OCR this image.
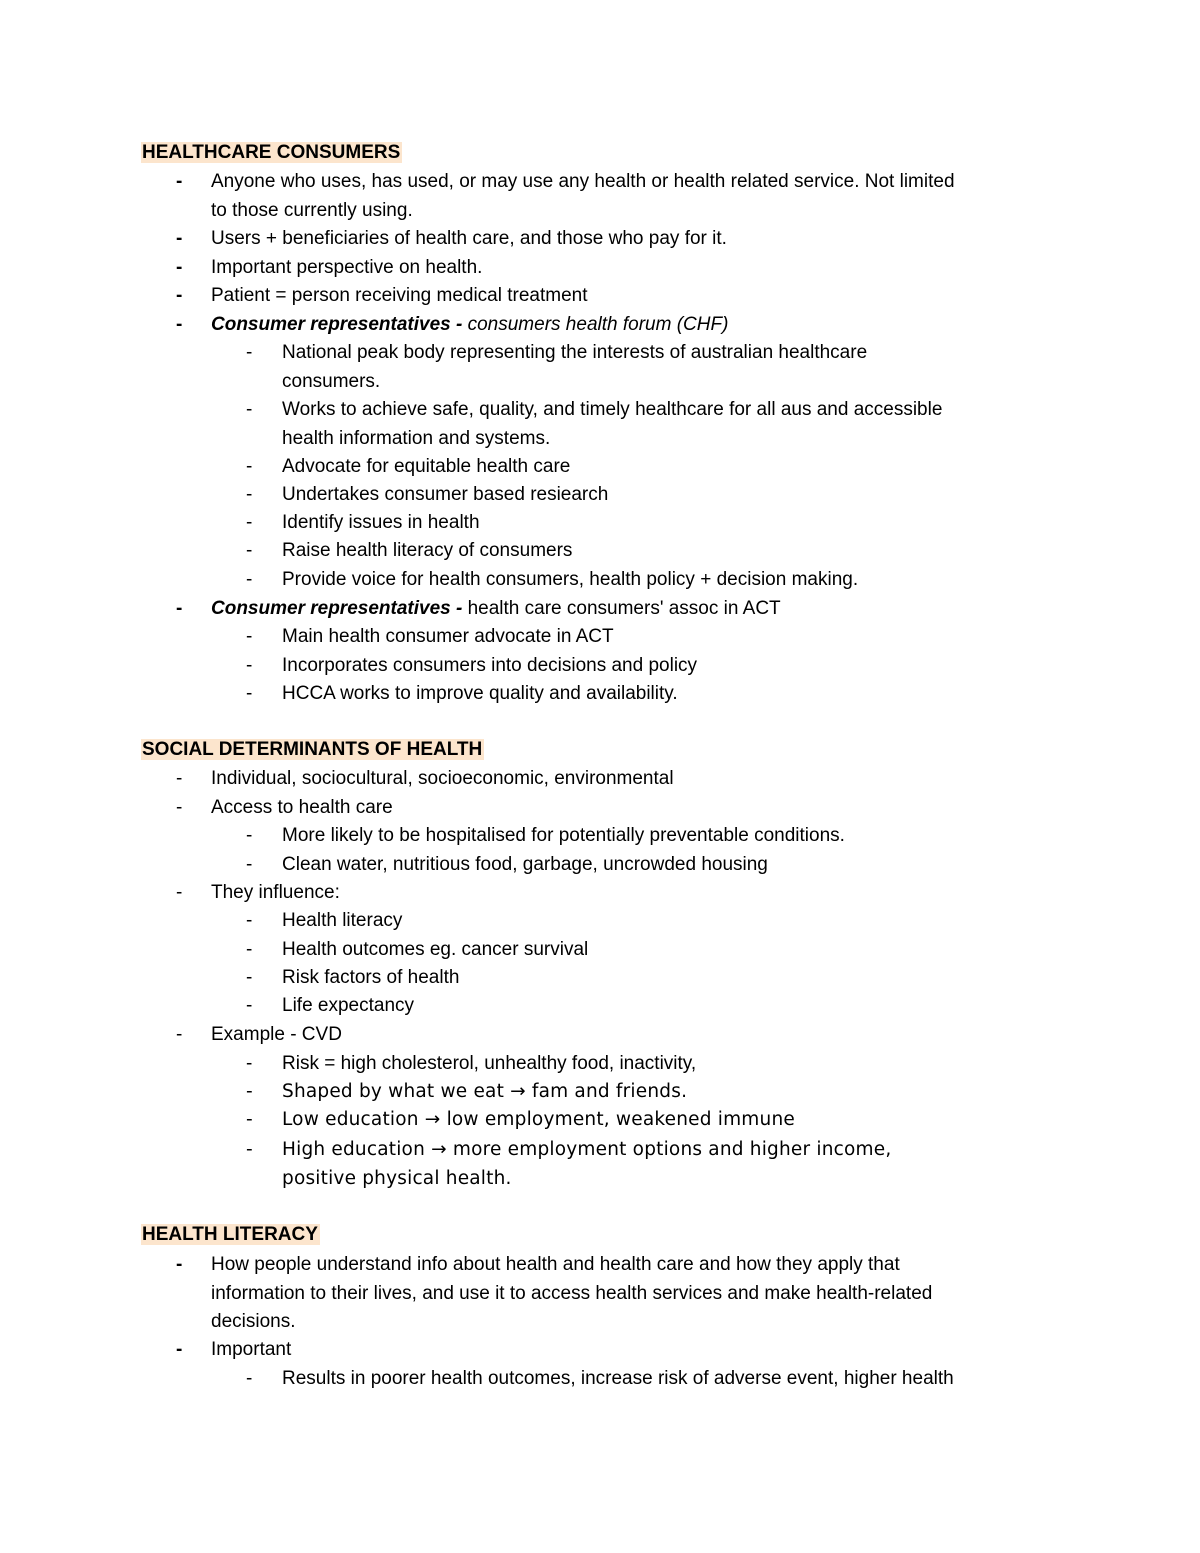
HEALTHCARE CONSUMERS
- Anyone who uses, has used, or may use any health or health related service. Not limited
to those currently using.
- Users + beneficiaries of health care, and those who pay for it.
- Important perspective on health.
- Patient = person receiving medical treatment
- Consumer representatives - consumers health forum (CHF)
- National peak body representing the interests of australian healthcare
consumers.
- Works to achieve safe, quality, and timely healthcare for all aus and accessible
health information and systems.
- Advocate for equitable health care
- Undertakes consumer based resiearch
- Identify issues in health
- Raise health literacy of consumers
- Provide voice for health consumers, health policy + decision making.
- Consumer representatives - health care consumers' assoc in ACT
- Main health consumer advocate in ACT
- Incorporates consumers into decisions and policy
- HCCA works to improve quality and availability.
SOCIAL DETERMINANTS OF HEALTH
- Individual, sociocultural, socioeconomic, environmental
- Access to health care
- More likely to be hospitalised for potentially preventable conditions.
- Clean water, nutritious food, garbage, uncrowded housing
- They influence:
- Health literacy
- Health outcomes eg. cancer survival
- Risk factors of health
- Life expectancy
- Example - CVD
- Risk = high cholesterol, unhealthy food, inactivity,
- Shaped by what we eat → fam and friends.
- Low education → low employment, weakened immune
- High education → more employment options and higher income,
positive physical health.
HEALTH LITERACY
- How people understand info about health and health care and how they apply that
information to their lives, and use it to access health services and make health-related
decisions.
- Important
- Results in poorer health outcomes, increase risk of adverse event, higher health
